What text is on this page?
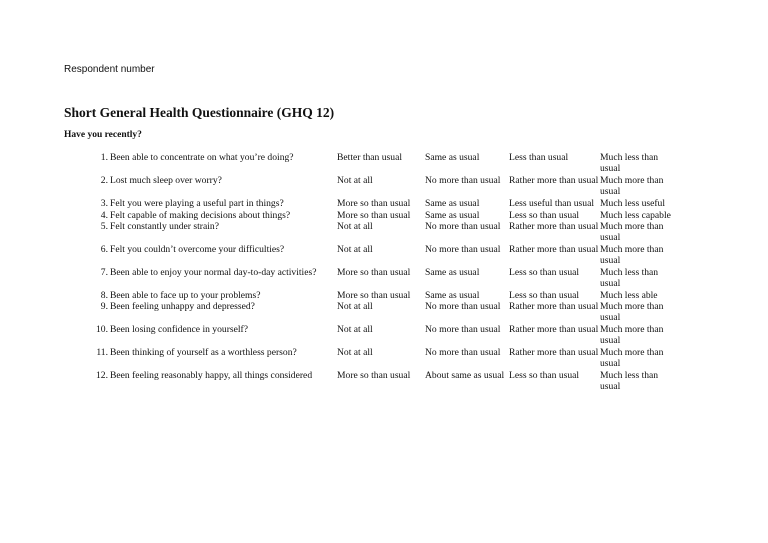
Respondent number
Short General Health Questionnaire (GHQ 12)

Have you recently?

1.	Been able to concentrate on what you’re doing?	Better than usual	Same as usual	Less than usual	Much less than usual
2.	Lost much sleep over worry?	Not at all	No more than usual	Rather more than usual	Much more than usual
3.	Felt you were playing a useful part in things?	More so than usual	Same as usual	Less useful than usual	Much less useful
4.	Felt capable of making decisions about things?	More so than usual	Same as usual	Less so than usual	Much less capable
5.	Felt constantly under strain?	Not at all	No more than usual	Rather more than usual	Much more than usual
6.	Felt you couldn’t overcome your difficulties?	Not at all	No more than usual	Rather more than usual	Much more than usual
7.	Been able to enjoy your normal day-to-day activities?	More so than usual	Same as usual	Less so than usual	Much less than usual
8.	Been able to face up to your problems?	More so than usual	Same as usual	Less so than usual	Much less able
9.	Been feeling unhappy and depressed?	Not at all	No more than usual	Rather more than usual	Much more than usual
10.	Been losing confidence in yourself?	Not at all	No more than usual	Rather more than usual	Much more than usual
11.	Been thinking of yourself as a worthless person?	Not at all	No more than usual	Rather more than usual	Much more than usual
12.	Been feeling reasonably happy, all things considered	More so than usual	About same as usual	Less so than usual	Much less than usual
